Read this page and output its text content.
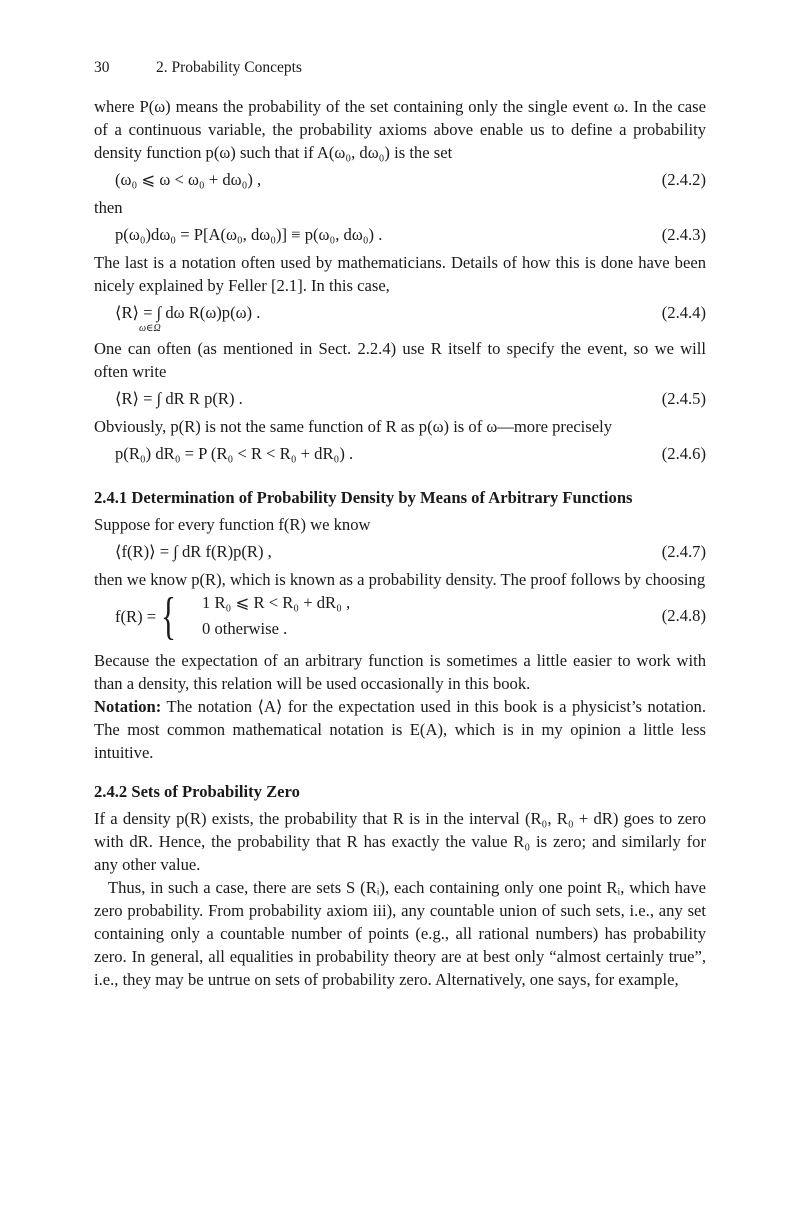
30	2. Probability Concepts

where P(ω) means the probability of the set containing only the single event ω. In the case of a continuous variable, the probability axioms above enable us to define a probability density function p(ω) such that if A(ω₀, dω₀) is the set

(ω₀ ⩽ ω < ω₀ + dω₀) ,	(2.4.2)

then

p(ω₀)dω₀ = P[A(ω₀, dω₀)] ≡ p(ω₀, dω₀) .	(2.4.3)

The last is a notation often used by mathematicians. Details of how this is done have been nicely explained by Feller [2.1]. In this case,

⟨R⟩ = ∫ dω R(ω)p(ω) .
ω∈Ω
(2.4.4)

One can often (as mentioned in Sect. 2.2.4) use R itself to specify the event, so we will often write

⟨R⟩ = ∫ dR R p(R) .	(2.4.5)

Obviously, p(R) is not the same function of R as p(ω) is of ω—more precisely

p(R₀) dR₀ = P (R₀ < R < R₀ + dR₀) .	(2.4.6)

2.4.1 Determination of Probability Density by Means of Arbitrary Functions

Suppose for every function f(R) we know

⟨f(R)⟩ = ∫ dR f(R)p(R) ,	(2.4.7)

then we know p(R), which is known as a probability density. The proof follows by choosing

f(R) = { 1 R₀ ⩽ R < R₀ + dR₀ ,
0 otherwise .
(2.4.8)

Because the expectation of an arbitrary function is sometimes a little easier to work with than a density, this relation will be used occasionally in this book.

Notation: The notation ⟨A⟩ for the expectation used in this book is a physicist’s notation. The most common mathematical notation is E(A), which is in my opinion a little less intuitive.

2.4.2 Sets of Probability Zero

If a density p(R) exists, the probability that R is in the interval (R₀, R₀ + dR) goes to zero with dR. Hence, the probability that R has exactly the value R₀ is zero; and similarly for any other value.

Thus, in such a case, there are sets S (Rᵢ), each containing only one point Rᵢ, which have zero probability. From probability axiom iii), any countable union of such sets, i.e., any set containing only a countable number of points (e.g., all rational numbers) has probability zero. In general, all equalities in probability theory are at best only “almost certainly true”, i.e., they may be untrue on sets of probability zero. Alternatively, one says, for example,
